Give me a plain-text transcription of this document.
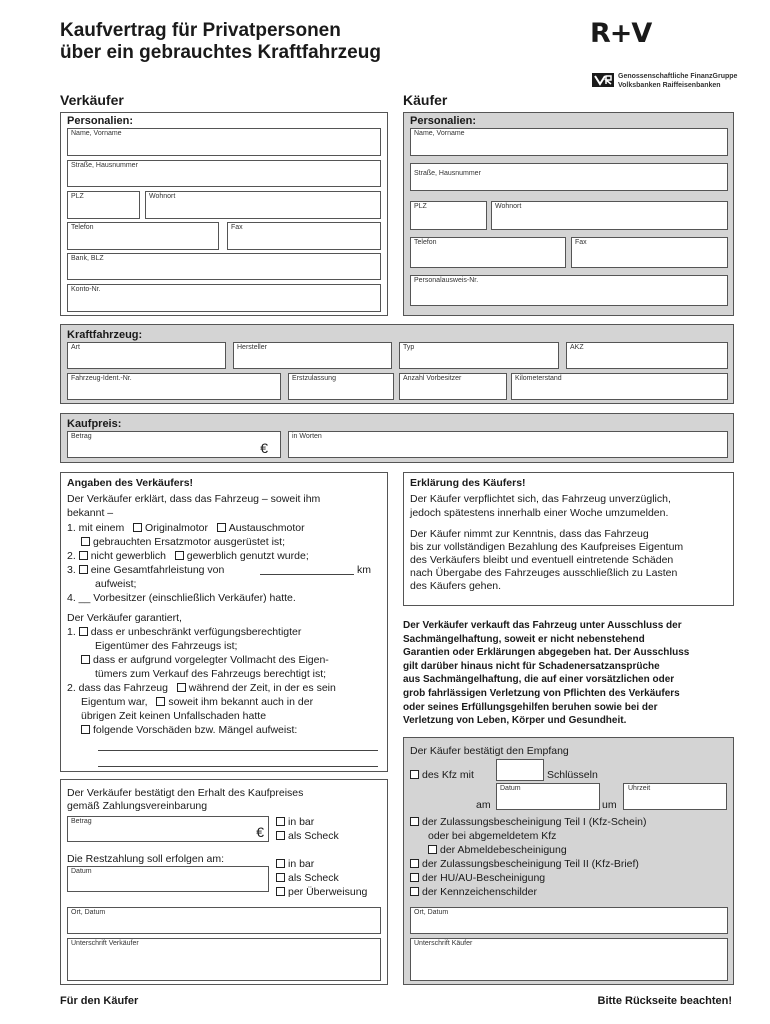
Kaufvertrag für Privatpersonen
über ein gebrauchtes Kraftfahrzeug
R+V
Genossenschaftliche FinanzGruppe
Volksbanken Raiffeisenbanken
Verkäufer	Käufer
Personalien:
Name, Vorname
Straße, Hausnummer
PLZ	Wohnort
Telefon	Fax
Bank, BLZ
Konto-Nr.
Personalien:
Name, Vorname
Straße, Hausnummer
PLZ	Wohnort
Telefon	Fax
Personalausweis-Nr.
Kraftfahrzeug:
Art	Hersteller	Typ	AKZ
Fahrzeug-Ident.-Nr.	Erstzulassung	Anzahl Vorbesitzer	Kilometerstand
Kaufpreis:
Betrag
€
in Worten
Angaben des Verkäufers!
Der Verkäufer erklärt, dass das Fahrzeug – soweit ihm
bekannt –
1. mit einem Originalmotor Austauschmotor
gebrauchten Ersatzmotor ausgerüstet ist;
2. nicht gewerblich gewerblich genutzt wurde;
3. eine Gesamtfahrleistung von	km
aufweist;
4. __ Vorbesitzer (einschließlich Verkäufer) hatte.
Der Verkäufer garantiert,
1. dass er unbeschränkt verfügungsberechtigter
Eigentümer des Fahrzeugs ist;
dass er aufgrund vorgelegter Vollmacht des Eigen-
tümers zum Verkauf des Fahrzeugs berechtigt ist;
2. dass das Fahrzeug während der Zeit, in der es sein
Eigentum war, soweit ihm bekannt auch in der
übrigen Zeit keinen Unfallschaden hatte
folgende Vorschäden bzw. Mängel aufweist:
Erklärung des Käufers!
Der Käufer verpflichtet sich, das Fahrzeug unverzüglich,
jedoch spätestens innerhalb einer Woche umzumelden.
Der Käufer nimmt zur Kenntnis, dass das Fahrzeug
bis zur vollständigen Bezahlung des Kaufpreises Eigentum
des Verkäufers bleibt und eventuell eintretende Schäden
nach Übergabe des Fahrzeuges ausschließlich zu Lasten
des Käufers gehen.
Der Verkäufer verkauft das Fahrzeug unter Ausschluss der
Sachmängelhaftung, soweit er nicht nebenstehend
Garantien oder Erklärungen abgegeben hat. Der Ausschluss
gilt darüber hinaus nicht für Schadenersatzansprüche
aus Sachmängelhaftung, die auf einer vorsätzlichen oder
grob fahrlässigen Verletzung von Pflichten des Verkäufers
oder seines Erfüllungsgehilfen beruhen sowie bei der
Verletzung von Leben, Körper und Gesundheit.
Der Verkäufer bestätigt den Erhalt des Kaufpreises
gemäß Zahlungsvereinbarung
Betrag
€
in bar
als Scheck
Die Restzahlung soll erfolgen am:
Datum
in bar
als Scheck
per Überweisung
Ort, Datum
Unterschrift Verkäufer
Der Käufer bestätigt den Empfang
des Kfz mit	Schlüsseln
Datum
am	um
Uhrzeit
der Zulassungsbescheinigung Teil I (Kfz-Schein)
oder bei abgemeldetem Kfz
der Abmeldebescheinigung
der Zulassungsbescheinigung Teil II (Kfz-Brief)
der HU/AU-Bescheinigung
der Kennzeichenschilder
Ort, Datum
Unterschrift Käufer
Für den Käufer	Bitte Rückseite beachten!
